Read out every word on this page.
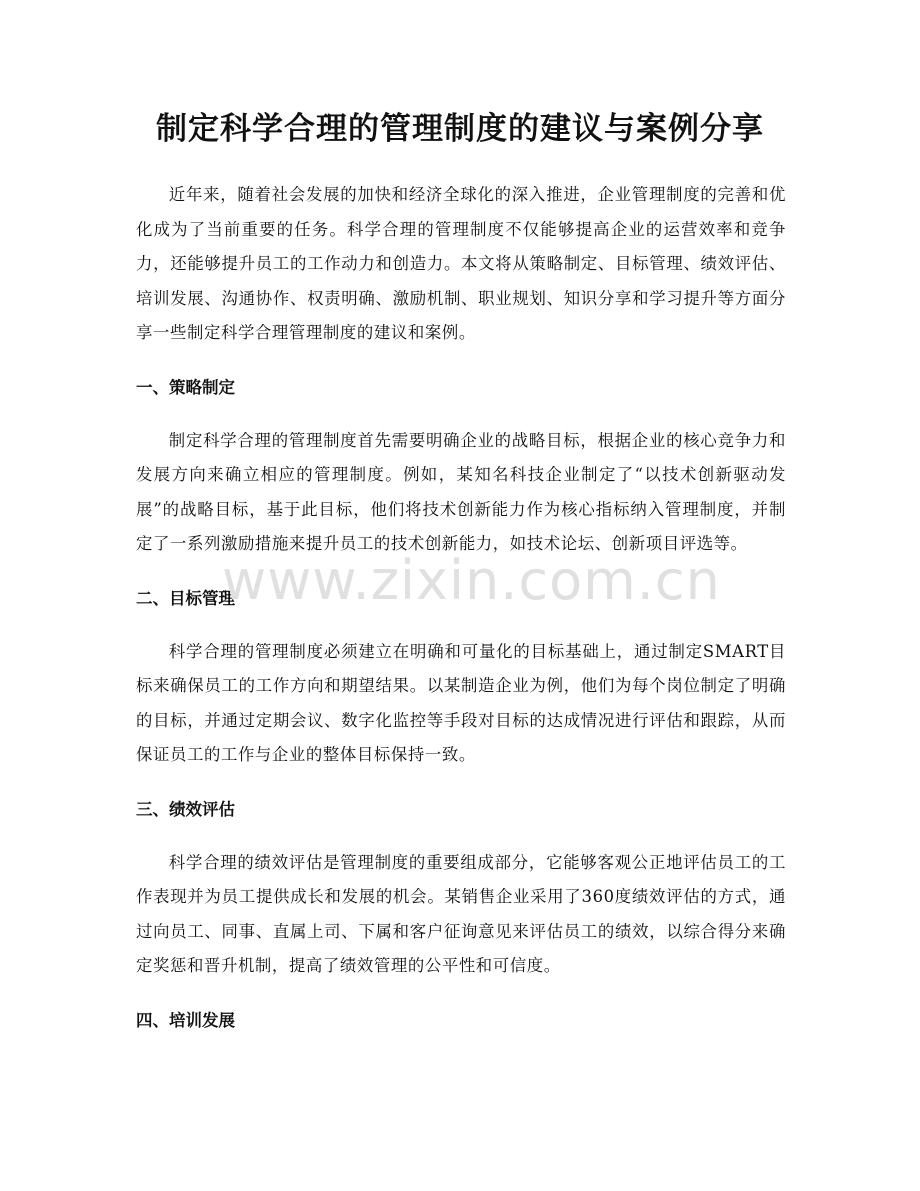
制定科学合理的管理制度的建议与案例分享

近年来，随着社会发展的加快和经济全球化的深入推进，企业管理制度的完善和优化成为了当前重要的任务。科学合理的管理制度不仅能够提高企业的运营效率和竞争力，还能够提升员工的工作动力和创造力。本文将从策略制定、目标管理、绩效评估、培训发展、沟通协作、权责明确、激励机制、职业规划、知识分享和学习提升等方面分享一些制定科学合理管理制度的建议和案例。

一、策略制定

制定科学合理的管理制度首先需要明确企业的战略目标，根据企业的核心竞争力和发展方向来确立相应的管理制度。例如，某知名科技企业制定了“以技术创新驱动发展”的战略目标，基于此目标，他们将技术创新能力作为核心指标纳入管理制度，并制定了一系列激励措施来提升员工的技术创新能力，如技术论坛、创新项目评选等。

二、目标管理

科学合理的管理制度必须建立在明确和可量化的目标基础上，通过制定SMART目标来确保员工的工作方向和期望结果。以某制造企业为例，他们为每个岗位制定了明确的目标，并通过定期会议、数字化监控等手段对目标的达成情况进行评估和跟踪，从而保证员工的工作与企业的整体目标保持一致。

三、绩效评估

科学合理的绩效评估是管理制度的重要组成部分，它能够客观公正地评估员工的工作表现并为员工提供成长和发展的机会。某销售企业采用了360度绩效评估的方式，通过向员工、同事、直属上司、下属和客户征询意见来评估员工的绩效，以综合得分来确定奖惩和晋升机制，提高了绩效管理的公平性和可信度。

四、培训发展
www.zixin.com.cn
